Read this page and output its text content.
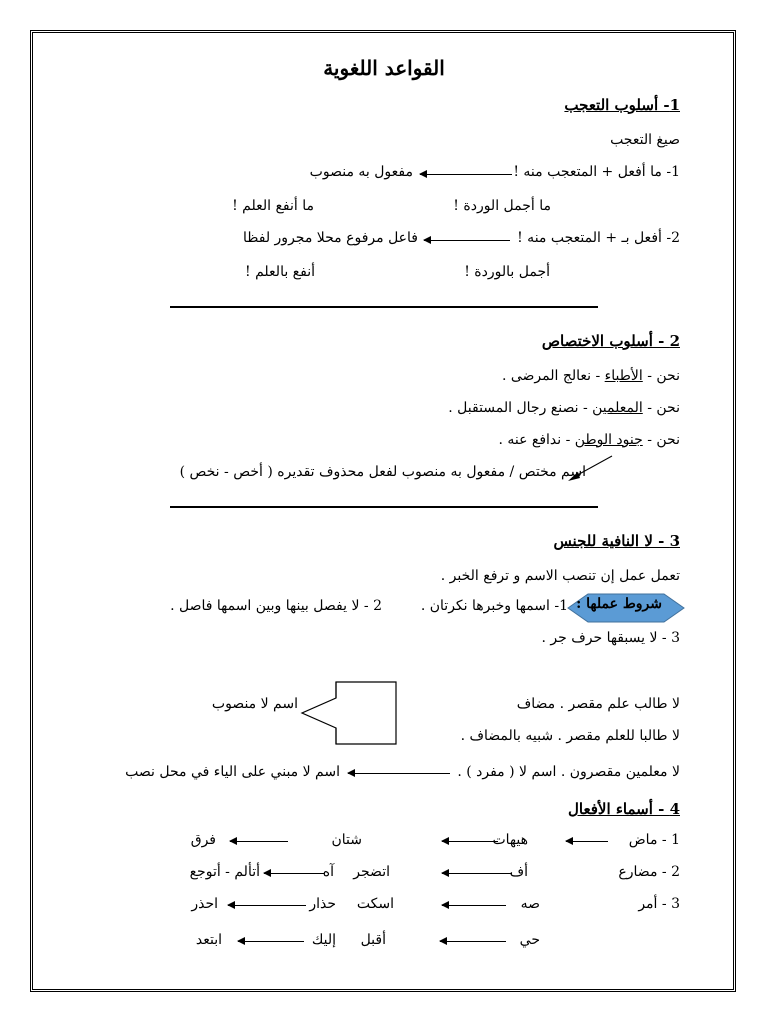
القواعد اللغوية
1- أسلوب التعجب
صيغ التعجب
1- ما أفعل + المتعجب منه !
مفعول به منصوب
ما أجمل الوردة !
ما أنفع العلم !
2- أفعل بـ + المتعجب منه !
فاعل مرفوع محلا مجرور لفظا
أجمل بالوردة !
أنفع بالعلم !
2 - أسلوب الاختصاص
نحن - الأطباء - نعالج المرضى .
نحن - المعلمين - نصنع رجال المستقبل .
نحن - جنود الوطن - ندافع عنه .
اسم مختص / مفعول به منصوب لفعل محذوف تقديره ( أخص - نخص )
3 - لا النافية للجنس
تعمل عمل إن تنصب الاسم و ترفع الخبر .
شروط عملها :
1- اسمها وخبرها نكرتان .
2 - لا يفصل بينها وبين اسمها فاصل .
3 - لا يسبقها حرف جر .
لا طالب علم مقصر . مضاف
لا طالبا للعلم مقصر . شبيه بالمضاف .
اسم لا منصوب
لا معلمين مقصرون . اسم لا ( مفرد ) .
اسم لا مبني على الياء في محل نصب
4 - أسماء الأفعال
1 - ماض
هيهات
شتان
فرق
2 - مضارع
أف
اتضجر
آه
أتألم - أتوجع
3 - أمر
صه
اسكت
حذار
احذر
حي
أقبل
إليك
ابتعد
